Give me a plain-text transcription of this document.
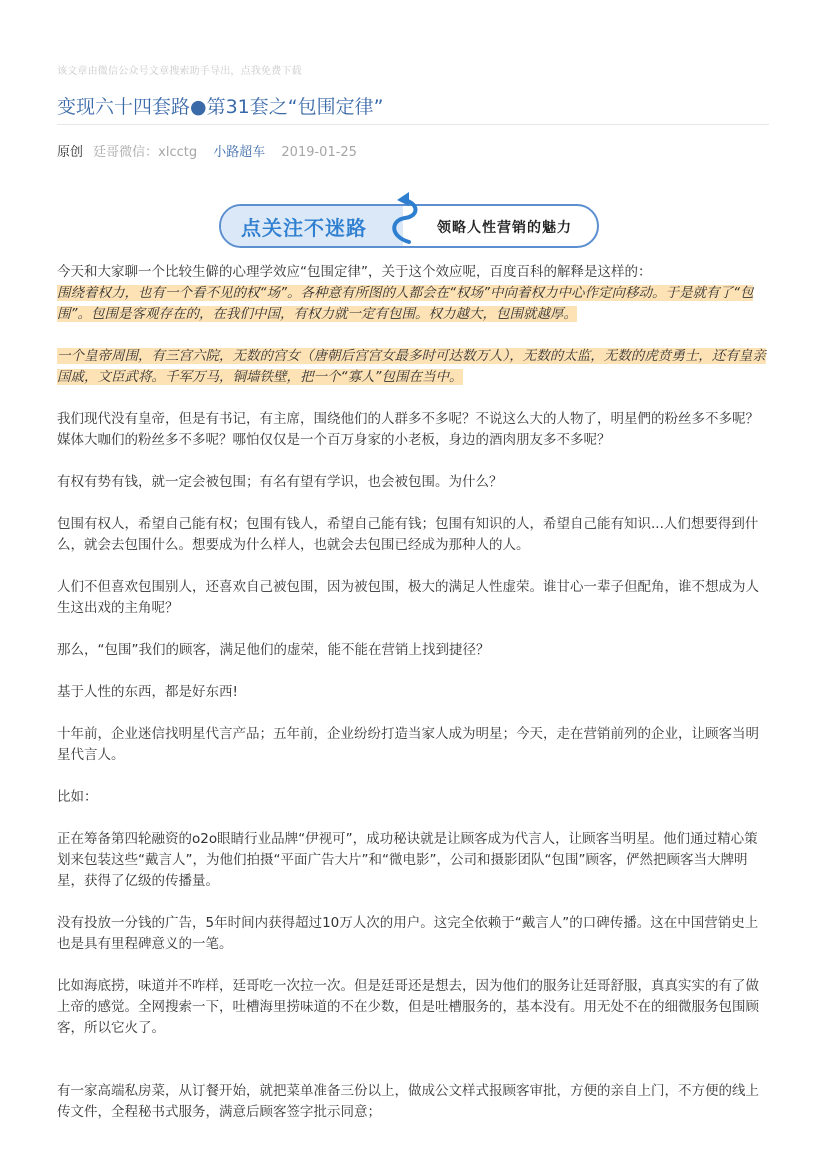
该文章由微信公众号文章搜索助手导出，点我免费下载
变现六十四套路●第31套之“包围定律”
原创 廷哥微信：xlcctg 小路超车 2019-01-25
点关注不迷路	领略人性营销的魅力

今天和大家聊一个比较生僻的心理学效应“包围定律”，关于这个效应呢，百度百科的解释是这样的：

围绕着权力，也有一个看不见的权“场”。各种意有所图的人都会在“权场”中向着权力中心作定向移动。于是就有了“包围”。包围是客观存在的，在我们中国，有权力就一定有包围。权力越大，包围就越厚。

一个皇帝周围，有三宫六院，无数的宫女（唐朝后宫宫女最多时可达数万人），无数的太监，无数的虎贲勇士，还有皇亲国戚，文臣武将。千军万马，铜墙铁壁，把一个“寡人”包围在当中。

我们现代没有皇帝，但是有书记，有主席，围绕他们的人群多不多呢？不说这么大的人物了，明星們的粉丝多不多呢？媒体大咖们的粉丝多不多呢？哪怕仅仅是一个百万身家的小老板，身边的酒肉朋友多不多呢？

有权有势有钱，就一定会被包围；有名有望有学识，也会被包围。为什么？

包围有权人，希望自己能有权；包围有钱人，希望自己能有钱；包围有知识的人，希望自己能有知识...人们想要得到什么，就会去包围什么。想要成为什么样人，也就会去包围已经成为那种人的人。

人们不但喜欢包围别人，还喜欢自己被包围，因为被包围，极大的满足人性虚荣。谁甘心一辈子但配角，谁不想成为人生这出戏的主角呢？

那么，“包围”我们的顾客，满足他们的虚荣，能不能在营销上找到捷径？

基于人性的东西，都是好东西!

十年前，企业迷信找明星代言产品；五年前，企业纷纷打造当家人成为明星；今天，走在营销前列的企业，让顾客当明星代言人。

比如：

正在筹备第四轮融资的o2o眼睛行业品牌“伊视可”，成功秘诀就是让顾客成为代言人，让顾客当明星。他们通过精心策划来包装这些“戴言人”，为他们拍摄“平面广告大片”和“微电影”，公司和摄影团队“包围”顾客，俨然把顾客当大牌明星，获得了亿级的传播量。

没有投放一分钱的广告，5年时间内获得超过10万人次的用户。这完全依赖于“戴言人”的口碑传播。这在中国营销史上也是具有里程碑意义的一笔。

比如海底捞，味道并不咋样，廷哥吃一次拉一次。但是廷哥还是想去，因为他们的服务让廷哥舒服，真真实实的有了做上帝的感觉。全网搜索一下，吐槽海里捞味道的不在少数，但是吐槽服务的，基本没有。用无处不在的细微服务包围顾客，所以它火了。

有一家高端私房菜，从订餐开始，就把菜单准备三份以上，做成公文样式报顾客审批，方便的亲自上门，不方便的线上传文件，全程秘书式服务，满意后顾客签字批示同意；
